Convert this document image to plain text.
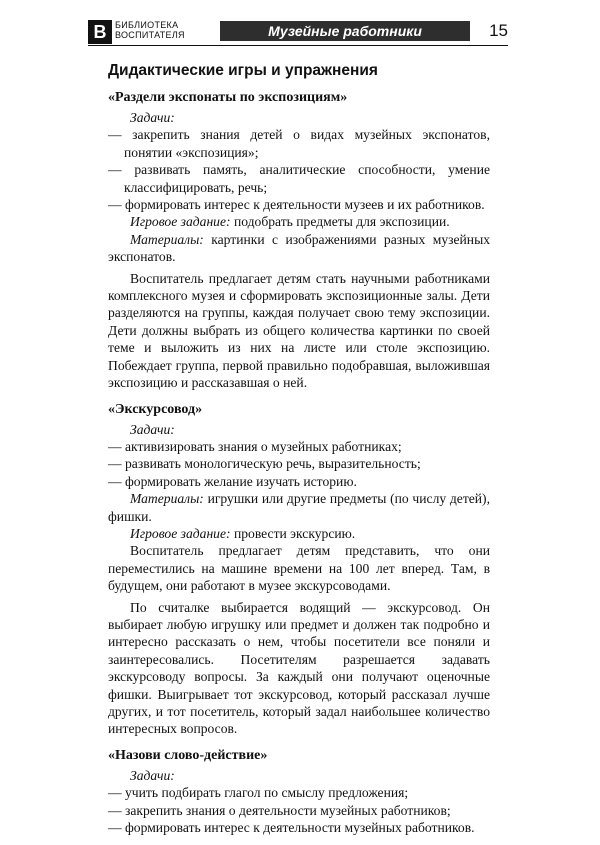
В БИБЛИОТЕКА
ВОСПИТАТЕЛЯ	Музейные работники	15
Дидактические игры и упражнения
«Раздели экспонаты по экспозициям»

Задачи:

— закрепить знания детей о видах музейных экспонатов, понятии «экспозиция»;

— развивать память, аналитические способности, умение классифицировать, речь;

— формировать интерес к деятельности музеев и их работников.

Игровое задание: подобрать предметы для экспозиции.

Материалы: картинки с изображениями разных музейных экспонатов.

Воспитатель предлагает детям стать научными работниками комплексного музея и сформировать экспозиционные залы. Дети разделяются на группы, каждая получает свою тему экспозиции. Дети должны выбрать из общего количества картинки по своей теме и выложить из них на листе или столе экспозицию. Побеждает группа, первой правильно подобравшая, выложившая экспозицию и рассказавшая о ней.

«Экскурсовод»

Задачи:

— активизировать знания о музейных работниках;

— развивать монологическую речь, выразительность;

— формировать желание изучать историю.

Материалы: игрушки или другие предметы (по числу детей), фишки.

Игровое задание: провести экскурсию.

Воспитатель предлагает детям представить, что они переместились на машине времени на 100 лет вперед. Там, в будущем, они работают в музее экскурсоводами.

По считалке выбирается водящий — экскурсовод. Он выбирает любую игрушку или предмет и должен так подробно и интересно рассказать о нем, чтобы посетители все поняли и заинтересовались. Посетителям разрешается задавать экскурсоводу вопросы. За каждый они получают оценочные фишки. Выигрывает тот экскурсовод, который рассказал лучше других, и тот посетитель, который задал наибольшее количество интересных вопросов.

«Назови слово-действие»

Задачи:

— учить подбирать глагол по смыслу предложения;

— закрепить знания о деятельности музейных работников;

— формировать интерес к деятельности музейных работников.
